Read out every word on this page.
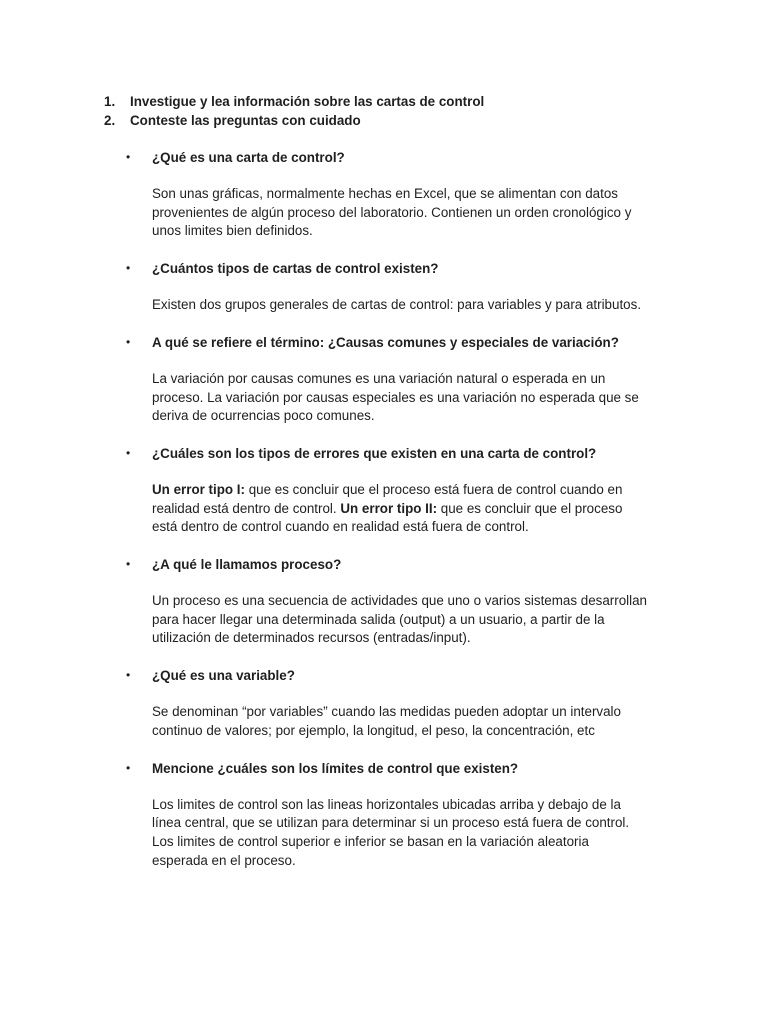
1.	Investigue y lea información sobre las cartas de control
2.	Conteste las preguntas con cuidado
• ¿Qué es una carta de control?
Son unas gráficas, normalmente hechas en Excel, que se alimentan con datos
provenientes de algún proceso del laboratorio. Contienen un orden cronológico y
unos limites bien definidos.
• ¿Cuántos tipos de cartas de control existen?
Existen dos grupos generales de cartas de control: para variables y para atributos.
• A qué se refiere el término: ¿Causas comunes y especiales de variación?
La variación por causas comunes es una variación natural o esperada en un
proceso. La variación por causas especiales es una variación no esperada que se
deriva de ocurrencias poco comunes.
• ¿Cuáles son los tipos de errores que existen en una carta de control?
Un error tipo I: que es concluir que el proceso está fuera de control cuando en
realidad está dentro de control. Un error tipo II: que es concluir que el proceso
está dentro de control cuando en realidad está fuera de control.
• ¿A qué le llamamos proceso?
Un proceso es una secuencia de actividades que uno o varios sistemas desarrollan
para hacer llegar una determinada salida (output) a un usuario, a partir de la
utilización de determinados recursos (entradas/input).
• ¿Qué es una variable?
Se denominan “por variables” cuando las medidas pueden adoptar un intervalo
continuo de valores; por ejemplo, la longitud, el peso, la concentración, etc
• Mencione ¿cuáles son los límites de control que existen?
Los limites de control son las lineas horizontales ubicadas arriba y debajo de la
línea central, que se utilizan para determinar si un proceso está fuera de control.
Los limites de control superior e inferior se basan en la variación aleatoria
esperada en el proceso.
